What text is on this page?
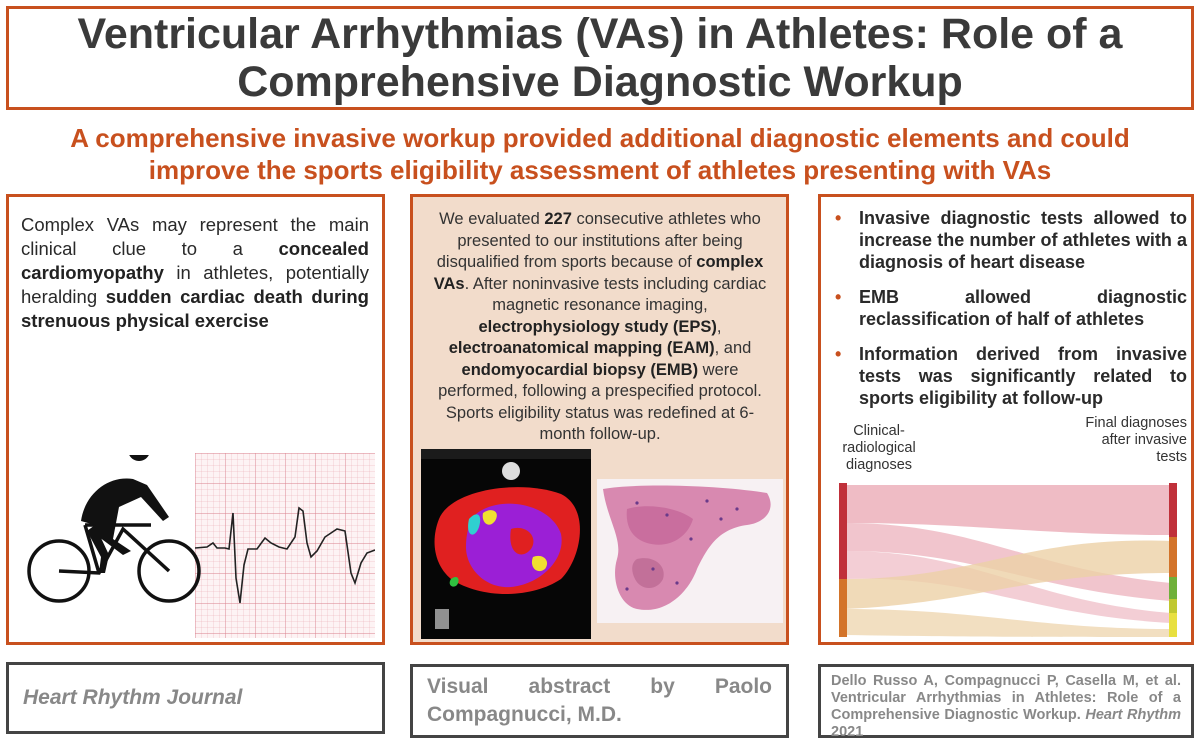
Ventricular Arrhythmias (VAs) in Athletes: Role of a Comprehensive Diagnostic Workup

A comprehensive invasive workup provided additional diagnostic elements and could improve the sports eligibility assessment of athletes presenting with VAs

Complex VAs may represent the main clinical clue to a concealed cardiomyopathy in athletes, potentially heralding sudden cardiac death during strenuous physical exercise
We evaluated 227 consecutive athletes who presented to our institutions after being disqualified from sports because of complex VAs. After noninvasive tests including cardiac magnetic resonance imaging, electrophysiology study (EPS), electroanatomical mapping (EAM), and endomyocardial biopsy (EMB) were performed, following a prespecified protocol. Sports eligibility status was redefined at 6-month follow-up.
• Invasive diagnostic tests allowed to increase the number of athletes with a diagnosis of heart disease
• EMB allowed diagnostic reclassification of half of athletes
• Information derived from invasive tests was significantly related to sports eligibility at follow-up
Clinical-radiological diagnoses
Final diagnoses after invasive tests
Heart Rhythm Journal	Visual abstract by Paolo Compagnucci, M.D.

Dello Russo A, Compagnucci P, Casella M, et al. Ventricular Arrhythmias in Athletes: Role of a Comprehensive Diagnostic Workup. Heart Rhythm 2021
